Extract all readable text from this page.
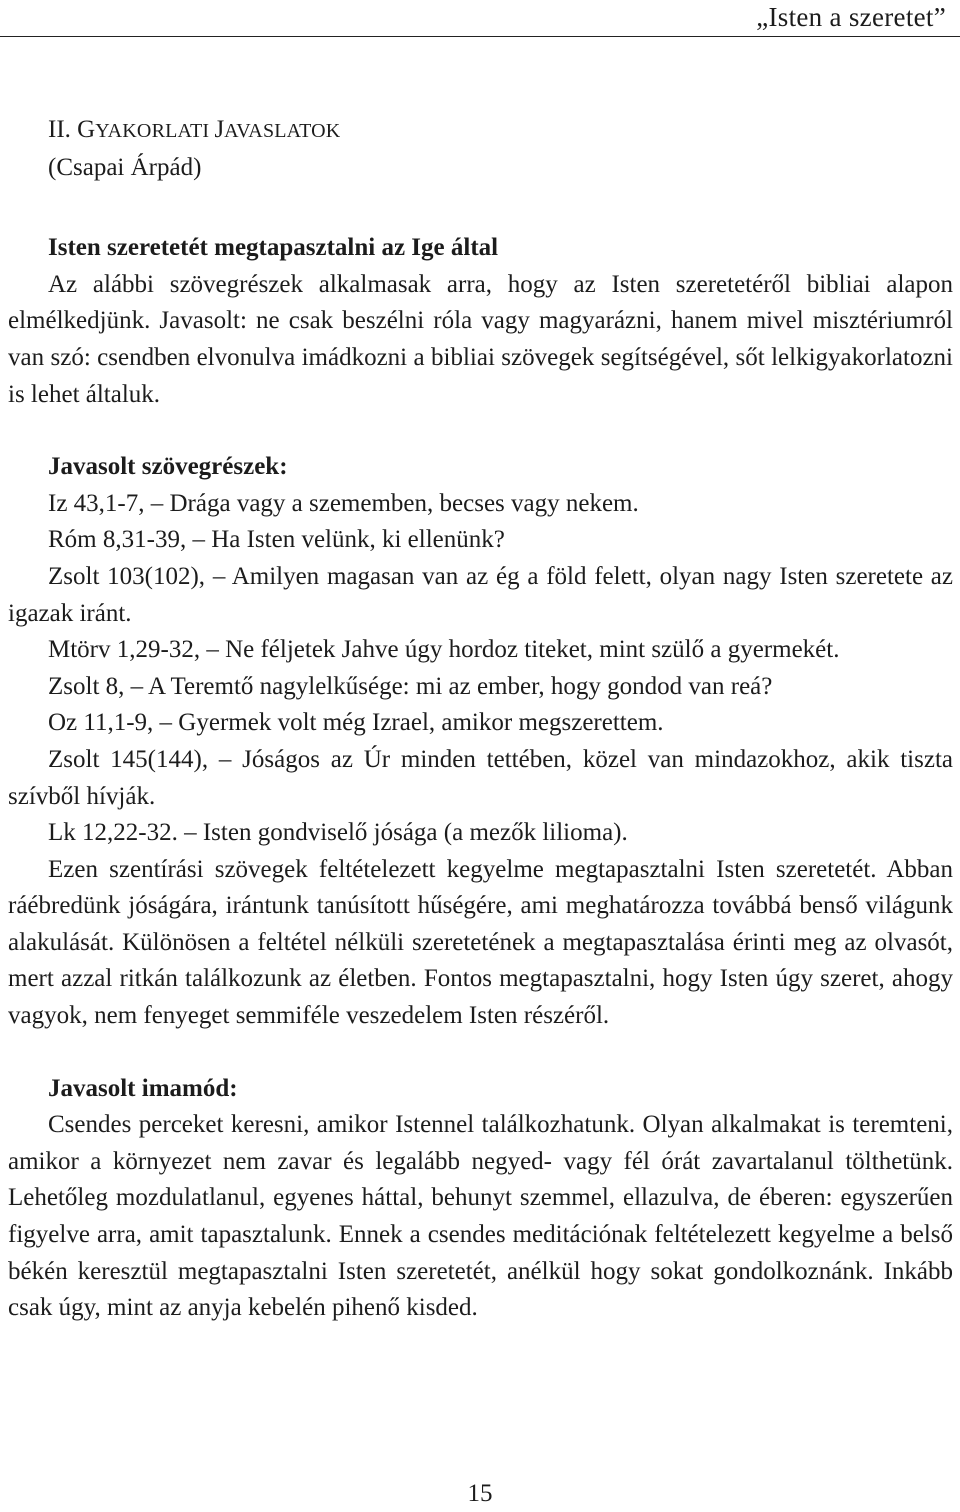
„Isten a szeretet”
II. GYAKORLATI JAVASLATOK
(Csapai Árpád)
Isten szeretetét megtapasztalni az Ige által

Az alábbi szövegrészek alkalmasak arra, hogy az Isten szeretetéről bibliai alapon elmélkedjünk. Javasolt: ne csak beszélni róla vagy magyarázni, hanem mivel misztériumról van szó: csendben elvonulva imádkozni a bibliai szövegek segítségével, sőt lelkigyakorlatozni is lehet általuk.

Javasolt szövegrészek:

Iz 43,1-7, – Drága vagy a szememben, becses vagy nekem.

Róm 8,31-39, – Ha Isten velünk, ki ellenünk?

Zsolt 103(102), – Amilyen magasan van az ég a föld felett, olyan nagy Isten szeretete az igazak iránt.

Mtörv 1,29-32, – Ne féljetek Jahve úgy hordoz titeket, mint szülő a gyermekét.

Zsolt 8, – A Teremtő nagylelkűsége: mi az ember, hogy gondod van reá?

Oz 11,1-9, – Gyermek volt még Izrael, amikor megszerettem.

Zsolt 145(144), – Jóságos az Úr minden tettében, közel van mindazokhoz, akik tiszta szívből hívják.

Lk 12,22-32. – Isten gondviselő jósága (a mezők lilioma).

Ezen szentírási szövegek feltételezett kegyelme megtapasztalni Isten szeretetét. Abban ráébredünk jóságára, irántunk tanúsított hűségére, ami meghatározza továbbá benső világunk alakulását. Különösen a feltétel nélküli szeretetének a megtapasztalása érinti meg az olvasót, mert azzal ritkán találkozunk az életben. Fontos megtapasztalni, hogy Isten úgy szeret, ahogy vagyok, nem fenyeget semmiféle veszedelem Isten részéről.

Javasolt imamód:

Csendes perceket keresni, amikor Istennel találkozhatunk. Olyan alkalmakat is teremteni, amikor a környezet nem zavar és legalább negyed- vagy fél órát zavartalanul tölthetünk. Lehetőleg mozdulatlanul, egyenes háttal, behunyt szemmel, ellazulva, de éberen: egyszerűen figyelve arra, amit tapasztalunk. Ennek a csendes meditációnak feltételezett kegyelme a belső békén keresztül megtapasztalni Isten szeretetét, anélkül hogy sokat gondolkoznánk. Inkább csak úgy, mint az anyja kebelén pihenő kisded.

15
